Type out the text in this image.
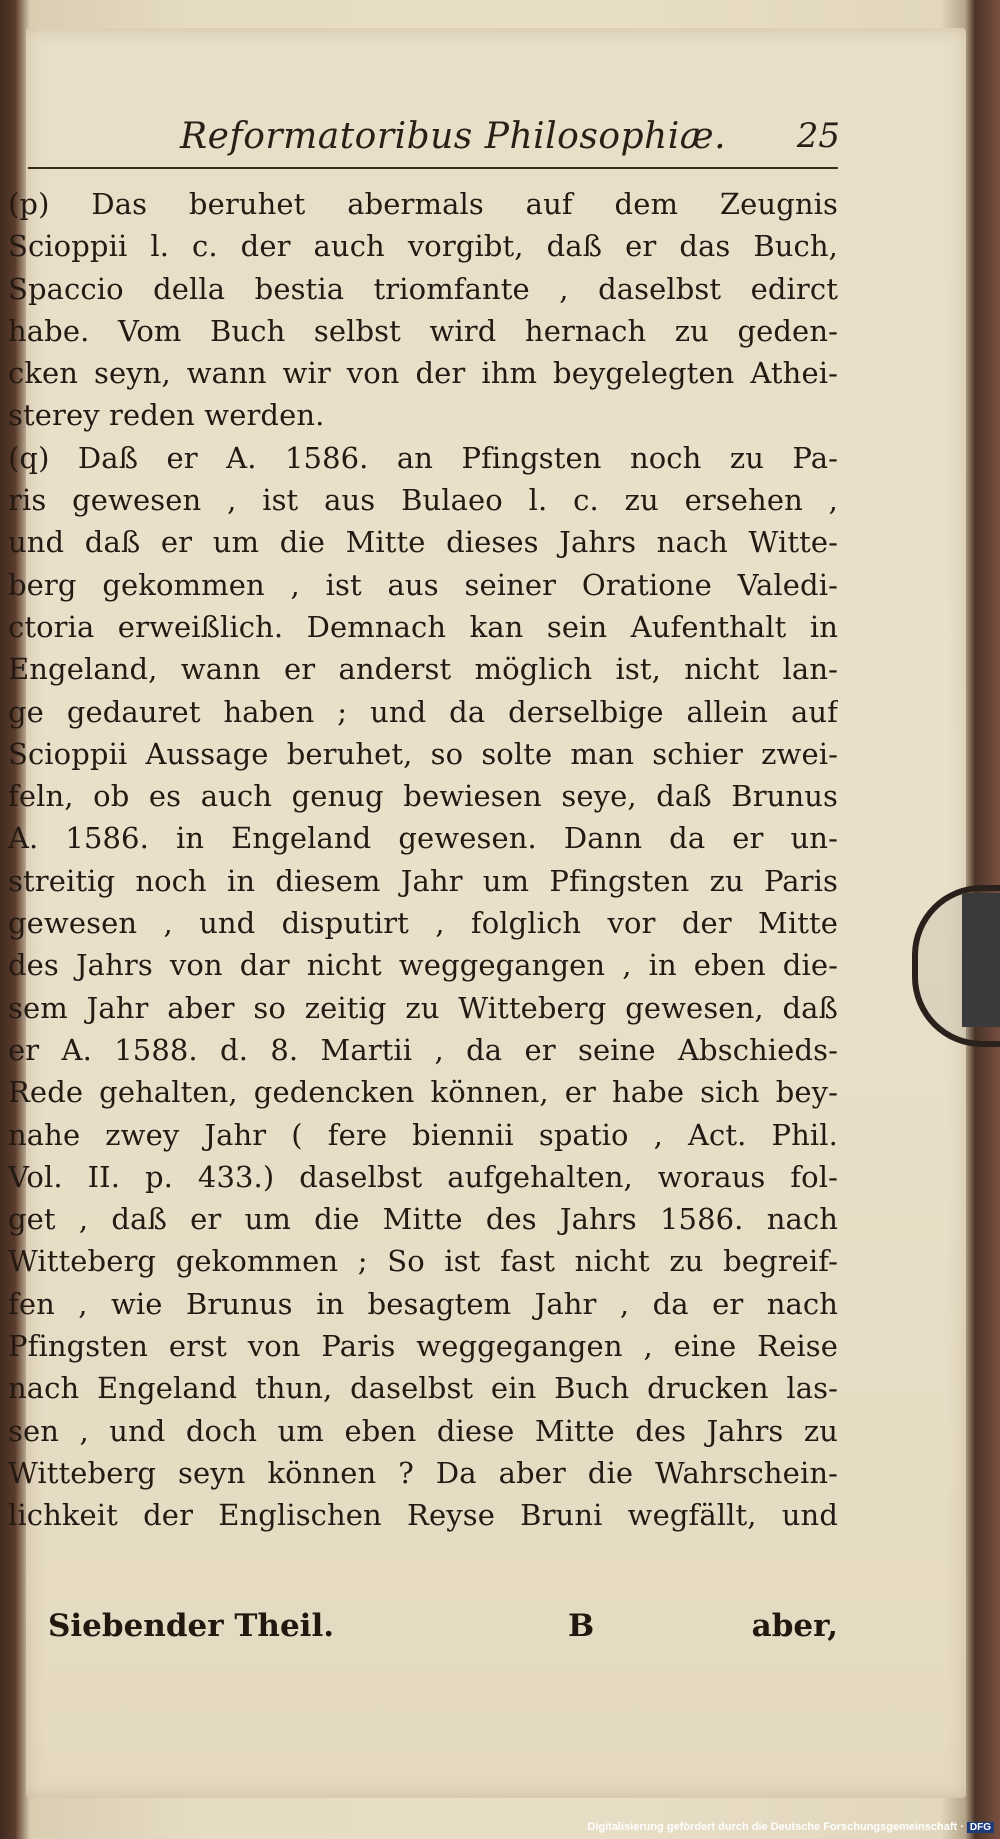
Reformatoribus Philosophiæ. 25
(p) Das beruhet abermals auf dem Zeugnis
Scioppii l. c. der auch vorgibt, daß er das Buch,
Spaccio della bestia triomfante , daselbst edirct
habe. Vom Buch selbst wird hernach zu geden-
cken seyn, wann wir von der ihm beygelegten Athei-
sterey reden werden.
(q) Daß er A. 1586. an Pfingsten noch zu Pa-
ris gewesen , ist aus Bulaeo l. c. zu ersehen ,
und daß er um die Mitte dieses Jahrs nach Witte-
berg gekommen , ist aus seiner Oratione Valedi-
ctoria erweißlich. Demnach kan sein Aufenthalt in
Engeland, wann er anderst möglich ist, nicht lan-
ge gedauret haben ; und da derselbige allein auf
Scioppii Aussage beruhet, so solte man schier zwei-
feln, ob es auch genug bewiesen seye, daß Brunus
A. 1586. in Engeland gewesen. Dann da er un-
streitig noch in diesem Jahr um Pfingsten zu Paris
gewesen , und disputirt , folglich vor der Mitte
des Jahrs von dar nicht weggegangen , in eben die-
sem Jahr aber so zeitig zu Witteberg gewesen, daß
er A. 1588. d. 8. Martii , da er seine Abschieds-
Rede gehalten, gedencken können, er habe sich bey-
nahe zwey Jahr ( fere biennii spatio , Act. Phil.
Vol. II. p. 433.) daselbst aufgehalten, woraus fol-
get , daß er um die Mitte des Jahrs 1586. nach
Witteberg gekommen ; So ist fast nicht zu begreif-
fen , wie Brunus in besagtem Jahr , da er nach
Pfingsten erst von Paris weggegangen , eine Reise
nach Engeland thun, daselbst ein Buch drucken las-
sen , und doch um eben diese Mitte des Jahrs zu
Witteberg seyn können ? Da aber die Wahrschein-
lichkeit der Englischen Reyse Bruni wegfällt, und
Siebender Theil.	B	aber,
Digitalisierung gefördert durch die Deutsche Forschungsgemeinschaft · DFG
